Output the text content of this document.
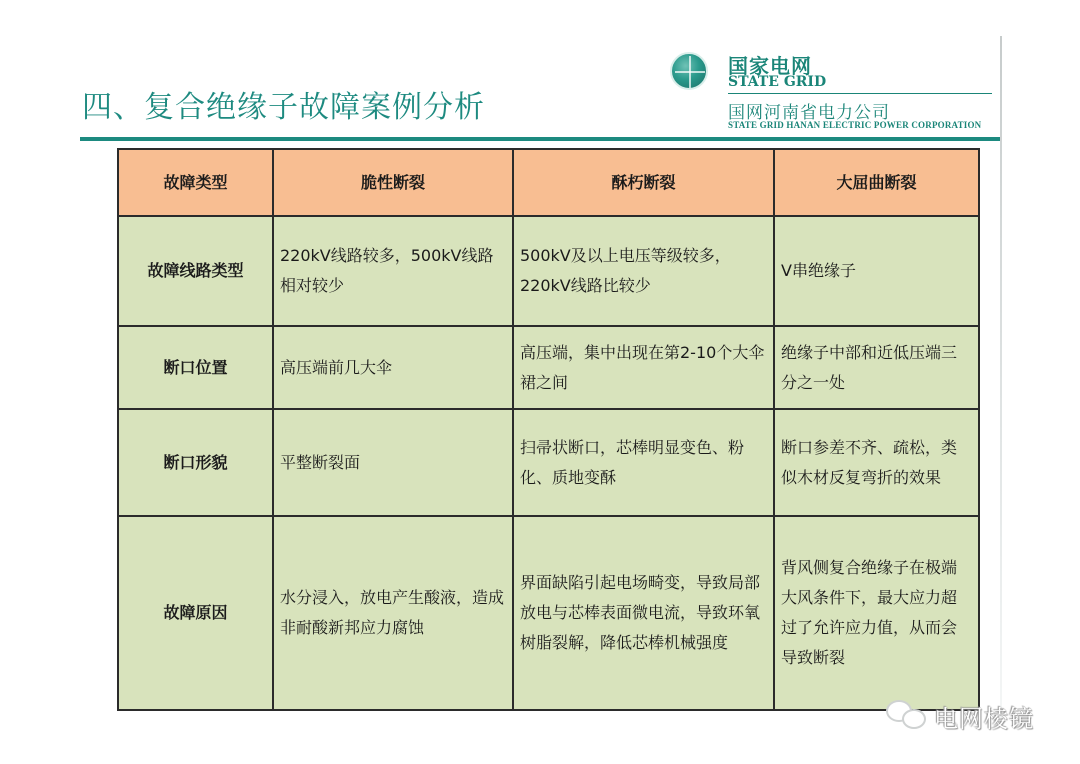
四、复合绝缘子故障案例分析
国家电网
STATE GRID
国网河南省电力公司
STATE GRID HANAN ELECTRIC POWER CORPORATION
故障类型	脆性断裂	酥朽断裂	大屈曲断裂
故障线路类型	220kV线路较多，500kV线路相对较少	500kV及以上电压等级较多，220kV线路比较少	V串绝缘子
断口位置	高压端前几大伞	高压端，集中出现在第2-10个大伞裙之间	绝缘子中部和近低压端三分之一处
断口形貌	平整断裂面	扫帚状断口，芯棒明显变色、粉化、质地变酥	断口参差不齐、疏松，类似木材反复弯折的效果
故障原因	水分浸入，放电产生酸液，造成非耐酸新邦应力腐蚀	界面缺陷引起电场畸变，导致局部放电与芯棒表面微电流，导致环氧树脂裂解，降低芯棒机械强度	背风侧复合绝缘子在极端大风条件下，最大应力超过了允许应力值，从而会导致断裂
电网棱镜
